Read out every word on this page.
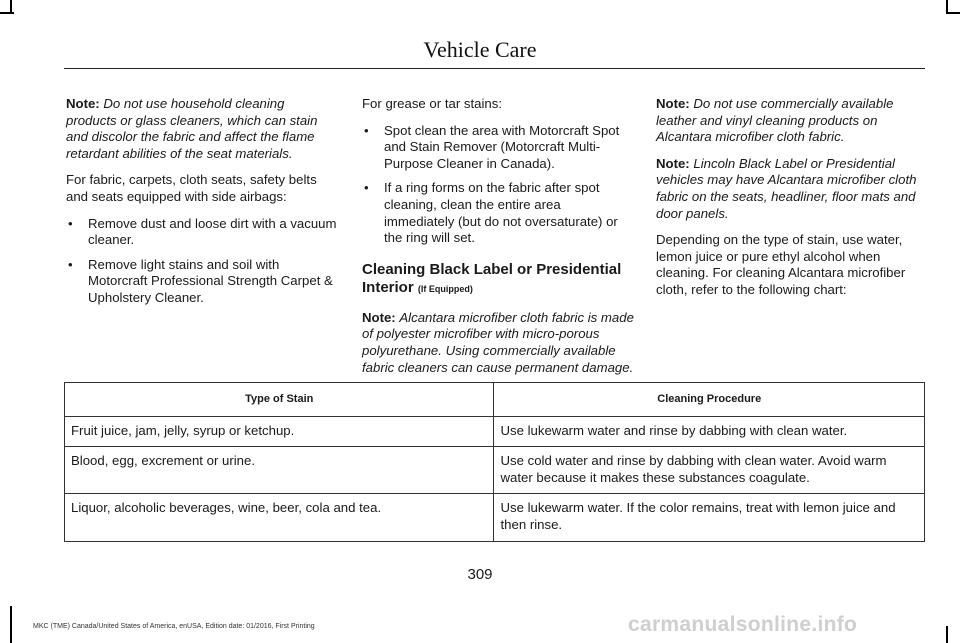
Vehicle Care

Note: Do not use household cleaning products or glass cleaners, which can stain and discolor the fabric and affect the flame retardant abilities of the seat materials.

For fabric, carpets, cloth seats, safety belts and seats equipped with side airbags:

• Remove dust and loose dirt with a vacuum cleaner.
• Remove light stains and soil with Motorcraft Professional Strength Carpet & Upholstery Cleaner.

For grease or tar stains:

• Spot clean the area with Motorcraft Spot and Stain Remover (Motorcraft Multi-Purpose Cleaner in Canada).
• If a ring forms on the fabric after spot cleaning, clean the entire area immediately (but do not oversaturate) or the ring will set.
Cleaning Black Label or Presidential Interior (If Equipped)

Note: Alcantara microfiber cloth fabric is made of polyester microfiber with micro-porous polyurethane. Using commercially available fabric cleaners can cause permanent damage.

Note: Do not use commercially available leather and vinyl cleaning products on Alcantara microfiber cloth fabric.

Note: Lincoln Black Label or Presidential vehicles may have Alcantara microfiber cloth fabric on the seats, headliner, floor mats and door panels.

Depending on the type of stain, use water, lemon juice or pure ethyl alcohol when cleaning. For cleaning Alcantara microfiber cloth, refer to the following chart:

Type of Stain	Cleaning Procedure
Fruit juice, jam, jelly, syrup or ketchup.	Use lukewarm water and rinse by dabbing with clean water.
Blood, egg, excrement or urine.	Use cold water and rinse by dabbing with clean water. Avoid warm water because it makes these substances coagulate.
Liquor, alcoholic beverages, wine, beer, cola and tea.	Use lukewarm water. If the color remains, treat with lemon juice and then rinse.
309
MKC (TME) Canada/United States of America, enUSA, Edition date: 01/2016, First Printing	carmanualsonline.info
